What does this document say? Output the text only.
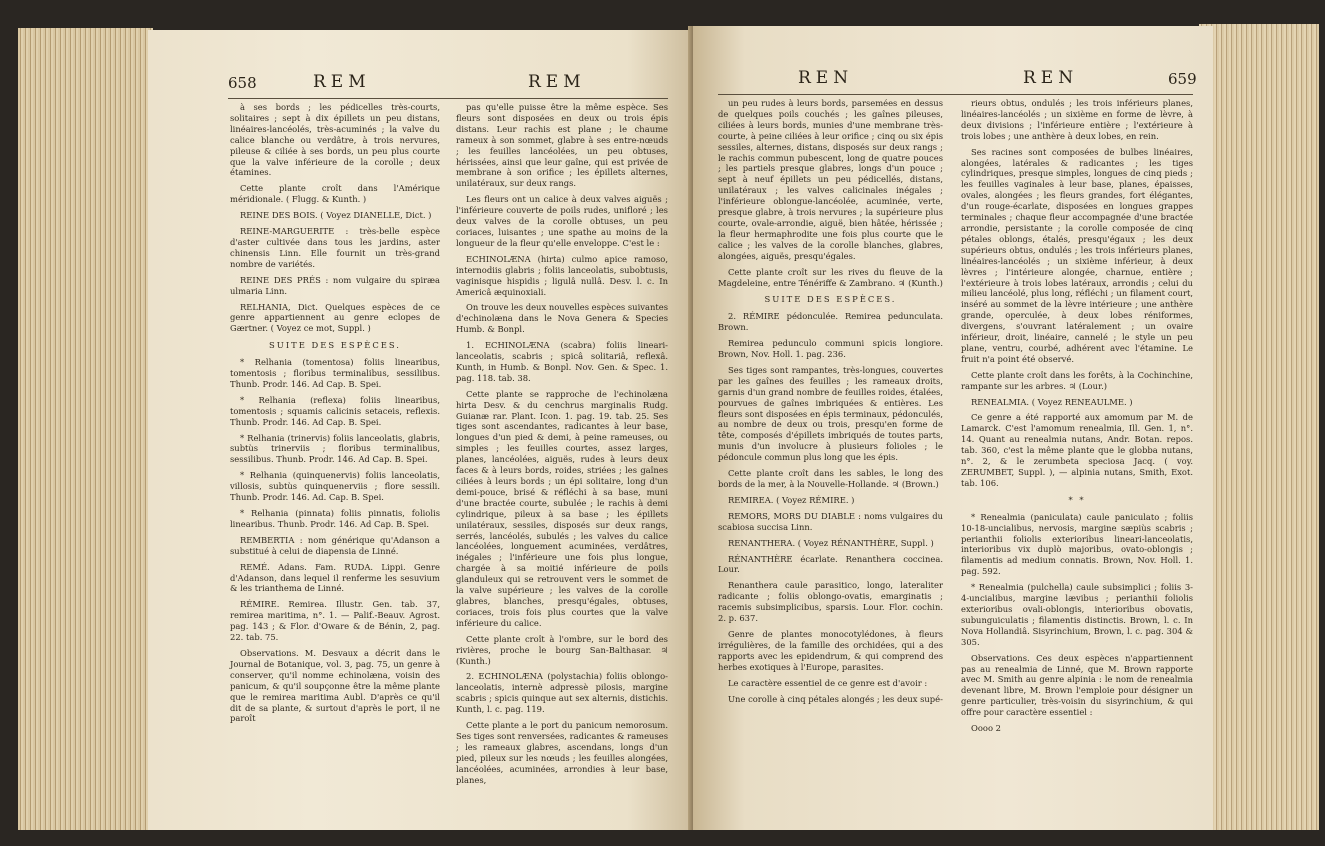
658	REM	REM

à ses bords ; les pédicelles très-courts, solitaires ; sept à dix épillets un peu distans, linéaires-lancéolés, très-acuminés ; la valve du calice blanche ou verdâtre, à trois nervures, pileuse & ciliée à ses bords, un peu plus courte que la valve inférieure de la corolle ; deux étamines.

Cette plante croît dans l'Amérique méridionale. ( Flugg. & Kunth. )

REINE DES BOIS. ( Voyez DIANELLE, Dict. )

REINE-MARGUERITE : très-belle espèce d'aster cultivée dans tous les jardins, aster chinensis Linn. Elle fournit un très-grand nombre de variétés.

REINE DES PRÉS : nom vulgaire du spiræa ulmaria Linn.

RELHANIA, Dict. Quelques espèces de ce genre appartiennent au genre eclopes de Gærtner. ( Voyez ce mot, Suppl. )

SUITE DES ESPÈCES.

* Relhania (tomentosa) foliis linearibus, tomentosis ; floribus terminalibus, sessilibus. Thunb. Prodr. 146. Ad Cap. B. Spei.

* Relhania (reflexa) foliis linearibus, tomentosis ; squamis calicinis setaceis, reflexis. Thunb. Prodr. 146. Ad Cap. B. Spei.

* Relhania (trinervis) foliis lanceolatis, glabris, subtùs trinerviis ; floribus terminalibus, sessilibus. Thunb. Prodr. 146. Ad Cap. B. Spei.

* Relhania (quinquenervis) foliis lanceolatis, villosis, subtùs quinquenerviis ; flore sessili. Thunb. Prodr. 146. Ad. Cap. B. Spei.

* Relhania (pinnata) foliis pinnatis, foliolis linearibus. Thunb. Prodr. 146. Ad Cap. B. Spei.

REMBERTIA : nom générique qu'Adanson a substitué à celui de diapensia de Linné.

REMÉ. Adans. Fam. RUDA. Lippi. Genre d'Adanson, dans lequel il renferme les sesuvium & les trianthema de Linné.

RÉMIRE. Remirea. Illustr. Gen. tab. 37, remirea maritima, n°. 1. — Palif.-Beauv. Agrost. pag. 143 ; & Flor. d'Oware & de Bénin, 2, pag. 22. tab. 75.

Observations. M. Desvaux a décrit dans le Journal de Botanique, vol. 3, pag. 75, un genre à conserver, qu'il nomme echinolæna, voisin des panicum, & qu'il soupçonne être la même plante que le remirea maritima Aubl. D'après ce qu'il dit de sa plante, & surtout d'après le port, il ne paroît

pas qu'elle puisse être la même espèce. Ses fleurs sont disposées en deux ou trois épis distans. Leur rachis est plane ; le chaume rameux à son sommet, glabre à ses entre-nœuds ; les feuilles lancéolées, un peu obtuses, hérissées, ainsi que leur gaîne, qui est privée de membrane à son orifice ; les épillets alternes, unilatéraux, sur deux rangs.

Les fleurs ont un calice à deux valves aiguës ; l'inférieure couverte de poils rudes, unifloré ; les deux valves de la corolle obtuses, un peu coriaces, luisantes ; une spathe au moins de la longueur de la fleur qu'elle enveloppe. C'est le :

ECHINOLÆNA (hirta) culmo apice ramoso, internodiis glabris ; foliis lanceolatis, subobtusis, vaginisque hispidis ; ligulâ nullâ. Desv. l. c. In Americâ æquinoxiali.

On trouve les deux nouvelles espèces suivantes d'echinolæna dans le Nova Genera & Species Humb. & Bonpl.

1. ECHINOLÆNA (scabra) foliis lineari-lanceolatis, scabris ; spicâ solitariâ, reflexâ. Kunth, in Humb. & Bonpl. Nov. Gen. & Spec. 1. pag. 118. tab. 38.

Cette plante se rapproche de l'echinolæna hirta Desv. & du cenchrus marginalis Rudg. Guianæ rar. Plant. Icon. 1. pag. 19. tab. 25. Ses tiges sont ascendantes, radicantes à leur base, longues d'un pied & demi, à peine rameuses, ou simples ; les feuilles courtes, assez larges, planes, lancéolées, aiguës, rudes à leurs deux faces & à leurs bords, roides, striées ; les gaînes ciliées à leurs bords ; un épi solitaire, long d'un demi-pouce, brisé & réfléchi à sa base, muni d'une bractée courte, subulée ; le rachis à demi cylindrique, pileux à sa base ; les épillets unilatéraux, sessiles, disposés sur deux rangs, serrés, lancéolés, subulés ; les valves du calice lancéolées, longuement acuminées, verdâtres, inégales ; l'inférieure une fois plus longue, chargée à sa moitié inférieure de poils glanduleux qui se retrouvent vers le sommet de la valve supérieure ; les valves de la corolle glabres, blanches, presqu'égales, obtuses, coriaces, trois fois plus courtes que la valve inférieure du calice.

Cette plante croît à l'ombre, sur le bord des rivières, proche le bourg San-Balthasar. ♃ (Kunth.)

2. ECHINOLÆNA (polystachia) foliis oblongo-lanceolatis, internè adpressè pilosis, margine scabris ; spicis quinque aut sex alternis, distichis. Kunth, l. c. pag. 119.

Cette plante a le port du panicum nemorosum. Ses tiges sont renversées, radicantes & rameuses ; les rameaux glabres, ascendans, longs d'un pied, pileux sur les nœuds ; les feuilles alongées, lancéolées, acuminées, arrondies à leur base, planes,

REN	REN	659

un peu rudes à leurs bords, parsemées en dessus de quelques poils couchés ; les gaînes pileuses, ciliées à leurs bords, munies d'une membrane très-courte, à peine ciliées à leur orifice ; cinq ou six épis sessiles, alternes, distans, disposés sur deux rangs ; le rachis commun pubescent, long de quatre pouces ; les partiels presque glabres, longs d'un pouce ; sept à neuf épillets un peu pédicellés, distans, unilatéraux ; les valves calicinales inégales ; l'inférieure oblongue-lancéolée, acuminée, verte, presque glabre, à trois nervures ; la supérieure plus courte, ovale-arrondie, aiguë, bien hâtée, hérissée ; la fleur hermaphrodite une fois plus courte que le calice ; les valves de la corolle blanches, glabres, alongées, aiguës, presqu'égales.

Cette plante croît sur les rives du fleuve de la Magdeleine, entre Ténériffe & Zambrano. ♃ (Kunth.)

SUITE DES ESPÈCES.

2. RÉMIRE pédonculée. Remirea pedunculata. Brown.

Remirea pedunculo communi spicis longiore. Brown, Nov. Holl. 1. pag. 236.

Ses tiges sont rampantes, très-longues, couvertes par les gaînes des feuilles ; les rameaux droits, garnis d'un grand nombre de feuilles roides, étalées, pourvues de gaînes imbriquées & entières. Les fleurs sont disposées en épis terminaux, pédonculés, au nombre de deux ou trois, presqu'en forme de tête, composés d'épillets imbriqués de toutes parts, munis d'un involucre à plusieurs folioles ; le pédoncule commun plus long que les épis.

Cette plante croît dans les sables, le long des bords de la mer, à la Nouvelle-Hollande. ♃ (Brown.)

REMIREA. ( Voyez RÉMIRE. )

REMORS, MORS DU DIABLE : noms vulgaires du scabiosa succisa Linn.

RENANTHERA. ( Voyez RÉNANTHÈRE, Suppl. )

RÉNANTHÈRE écarlate. Renanthera coccinea. Lour.

Renanthera caule parasitico, longo, lateraliter radicante ; foliis oblongo-ovatis, emarginatis ; racemis subsimplicibus, sparsis. Lour. Flor. cochin. 2. p. 637.

Genre de plantes monocotylédones, à fleurs irrégulières, de la famille des orchidées, qui a des rapports avec les epidendrum, & qui comprend des herbes exotiques à l'Europe, parasites.

Le caractère essentiel de ce genre est d'avoir :

Une corolle à cinq pétales alongés ; les deux supé-

rieurs obtus, ondulés ; les trois inférieurs planes, linéaires-lancéolés ; un sixième en forme de lèvre, à deux divisions ; l'inférieure entière ; l'extérieure à trois lobes ; une anthère à deux lobes, en rein.

Ses racines sont composées de bulbes linéaires, alongées, latérales & radicantes ; les tiges cylindriques, presque simples, longues de cinq pieds ; les feuilles vaginales à leur base, planes, épaisses, ovales, alongées ; les fleurs grandes, fort élégantes, d'un rouge-écarlate, disposées en longues grappes terminales ; chaque fleur accompagnée d'une bractée arrondie, persistante ; la corolle composée de cinq pétales oblongs, étalés, presqu'égaux ; les deux supérieurs obtus, ondulés ; les trois inférieurs planes, linéaires-lancéolés ; un sixième inférieur, à deux lèvres ; l'intérieure alongée, charnue, entière ; l'extérieure à trois lobes latéraux, arrondis ; celui du milieu lancéolé, plus long, réfléchi ; un filament court, inséré au sommet de la lèvre intérieure ; une anthère grande, operculée, à deux lobes réniformes, divergens, s'ouvrant latéralement ; un ovaire inférieur, droit, linéaire, cannelé ; le style un peu plane, ventru, courbé, adhérent avec l'étamine. Le fruit n'a point été observé.

Cette plante croît dans les forêts, à la Cochinchine, rampante sur les arbres. ♃ (Lour.)

RENEALMIA. ( Voyez RENEAULME. )

Ce genre a été rapporté aux amomum par M. de Lamarck. C'est l'amomum renealmia, Ill. Gen. 1, n°. 14. Quant au renealmia nutans, Andr. Botan. repos. tab. 360, c'est la même plante que le globba nutans, n°. 2, & le zerumbeta speciosa Jacq. ( voy. ZERUMBET, Suppl. ), — alpinia nutans, Smith, Exot. tab. 106.

* *

* Renealmia (paniculata) caule paniculato ; foliis 10-18-uncialibus, nervosis, margine sæpiùs scabris ; perianthii foliolis exterioribus lineari-lanceolatis, interioribus vix duplò majoribus, ovato-oblongis ; filamentis ad medium connatis. Brown, Nov. Holl. 1. pag. 592.

* Renealmia (pulchella) caule subsimplici ; foliis 3-4-uncialibus, margine lævibus ; perianthii foliolis exterioribus ovali-oblongis, interioribus obovatis, subunguiculatis ; filamentis distinctis. Brown, l. c. In Nova Hollandiâ. Sisyrinchium, Brown, l. c. pag. 304 & 305.

Observations. Ces deux espèces n'appartiennent pas au renealmia de Linné, que M. Brown rapporte avec M. Smith au genre alpinia : le nom de renealmia devenant libre, M. Brown l'emploie pour désigner un genre particulier, très-voisin du sisyrinchium, & qui offre pour caractère essentiel :

Oooo 2
